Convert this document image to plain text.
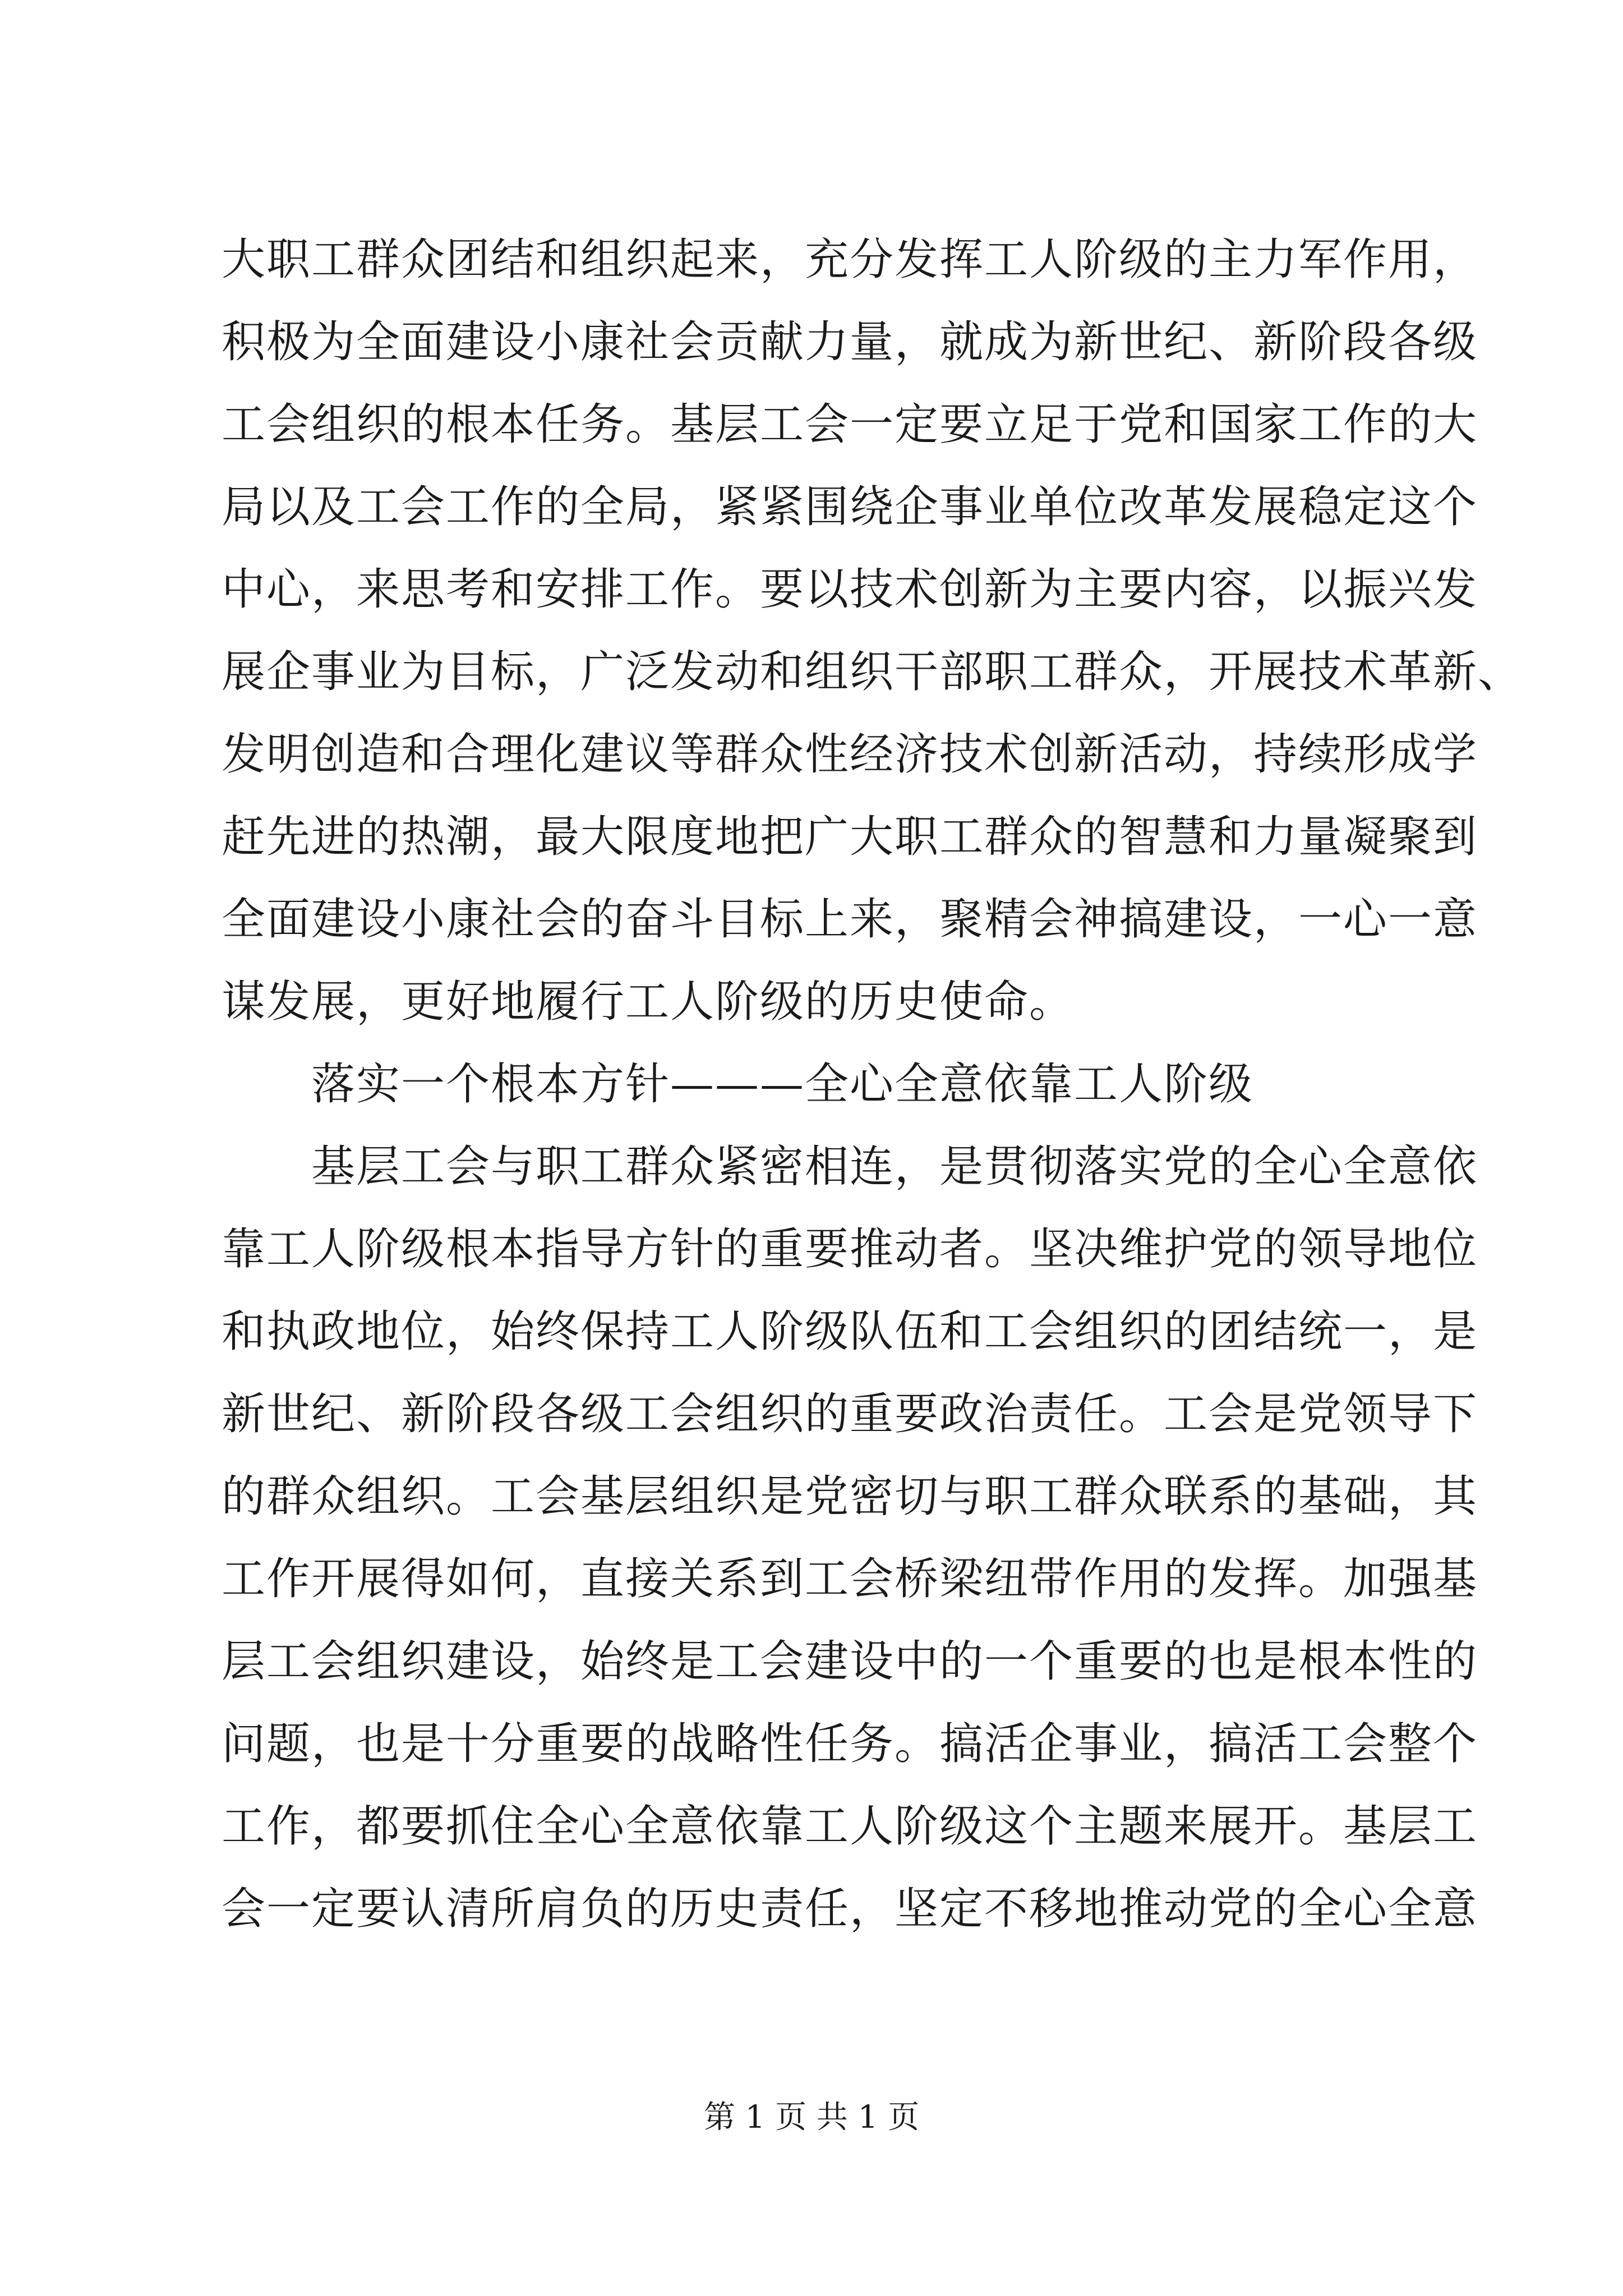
大职工群众团结和组织起来，充分发挥工人阶级的主力军作用，
积极为全面建设小康社会贡献力量，就成为新世纪、新阶段各级
工会组织的根本任务。基层工会一定要立足于党和国家工作的大
局以及工会工作的全局，紧紧围绕企事业单位改革发展稳定这个
中心，来思考和安排工作。要以技术创新为主要内容，以振兴发
展企事业为目标，广泛发动和组织干部职工群众，开展技术革新、
发明创造和合理化建议等群众性经济技术创新活动，持续形成学
赶先进的热潮，最大限度地把广大职工群众的智慧和力量凝聚到
全面建设小康社会的奋斗目标上来，聚精会神搞建设，一心一意
谋发展，更好地履行工人阶级的历史使命。
落实一个根本方针———全心全意依靠工人阶级
基层工会与职工群众紧密相连，是贯彻落实党的全心全意依
靠工人阶级根本指导方针的重要推动者。坚决维护党的领导地位
和执政地位，始终保持工人阶级队伍和工会组织的团结统一，是
新世纪、新阶段各级工会组织的重要政治责任。工会是党领导下
的群众组织。工会基层组织是党密切与职工群众联系的基础，其
工作开展得如何，直接关系到工会桥梁纽带作用的发挥。加强基
层工会组织建设，始终是工会建设中的一个重要的也是根本性的
问题，也是十分重要的战略性任务。搞活企事业，搞活工会整个
工作，都要抓住全心全意依靠工人阶级这个主题来展开。基层工
会一定要认清所肩负的历史责任，坚定不移地推动党的全心全意
第 1 页 共 1 页
